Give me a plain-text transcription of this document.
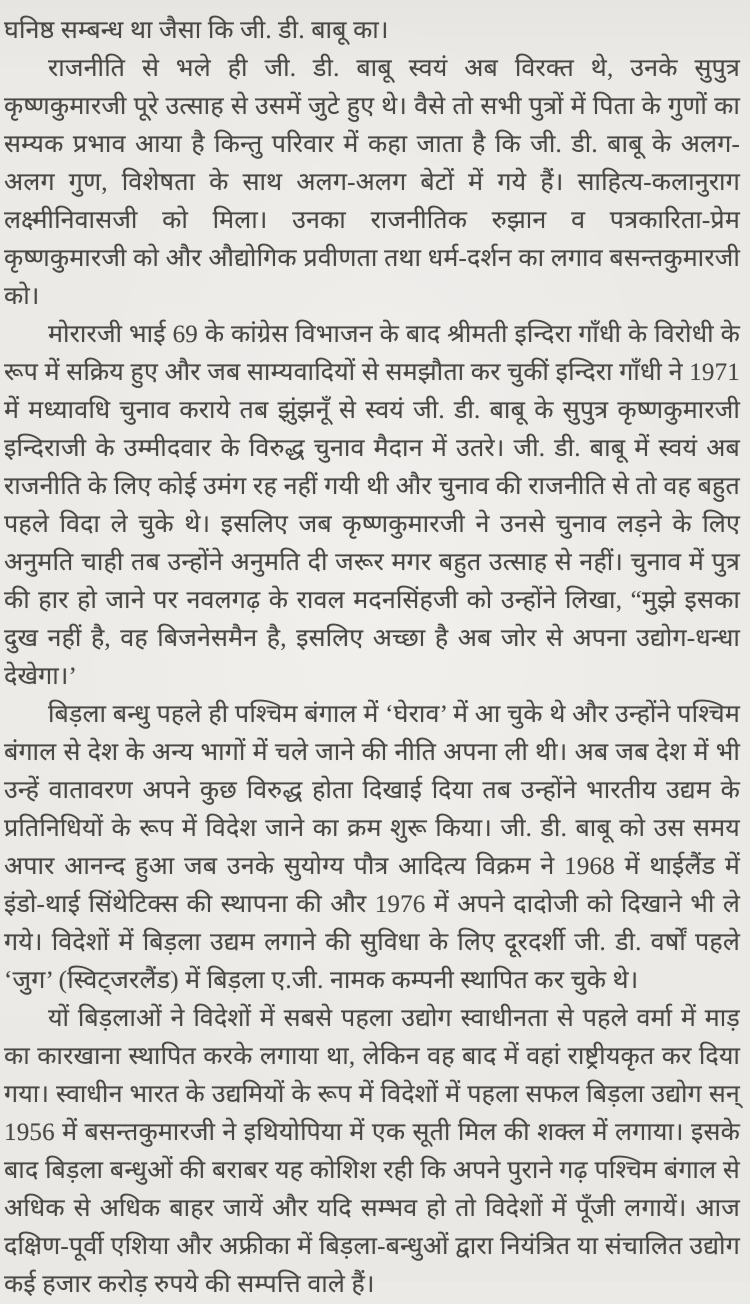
घनिष्ठ सम्बन्ध था जैसा कि जी. डी. बाबू का।

राजनीति से भले ही जी. डी. बाबू स्वयं अब विरक्त थे, उनके सुपुत्र कृष्णकुमारजी पूरे उत्साह से उसमें जुटे हुए थे। वैसे तो सभी पुत्रों में पिता के गुणों का सम्यक प्रभाव आया है किन्तु परिवार में कहा जाता है कि जी. डी. बाबू के अलग-अलग गुण, विशेषता के साथ अलग-अलग बेटों में गये हैं। साहित्य-कलानुराग लक्ष्मीनिवासजी को मिला। उनका राजनीतिक रुझान व पत्रकारिता-प्रेम कृष्णकुमारजी को और औद्योगिक प्रवीणता तथा धर्म-दर्शन का लगाव बसन्तकुमारजी को।

मोरारजी भाई 69 के कांग्रेस विभाजन के बाद श्रीमती इन्दिरा गाँधी के विरोधी के रूप में सक्रिय हुए और जब साम्यवादियों से समझौता कर चुकीं इन्दिरा गाँधी ने 1971 में मध्यावधि चुनाव कराये तब झुंझनूँ से स्वयं जी. डी. बाबू के सुपुत्र कृष्णकुमारजी इन्दिराजी के उम्मीदवार के विरुद्ध चुनाव मैदान में उतरे। जी. डी. बाबू में स्वयं अब राजनीति के लिए कोई उमंग रह नहीं गयी थी और चुनाव की राजनीति से तो वह बहुत पहले विदा ले चुके थे। इसलिए जब कृष्णकुमारजी ने उनसे चुनाव लड़ने के लिए अनुमति चाही तब उन्होंने अनुमति दी जरूर मगर बहुत उत्साह से नहीं। चुनाव में पुत्र की हार हो जाने पर नवलगढ़ के रावल मदनसिंहजी को उन्होंने लिखा, “मुझे इसका दुख नहीं है, वह बिजनेसमैन है, इसलिए अच्छा है अब जोर से अपना उद्योग-धन्धा देखेगा।’

बिड़ला बन्धु पहले ही पश्चिम बंगाल में ‘घेराव’ में आ चुके थे और उन्होंने पश्चिम बंगाल से देश के अन्य भागों में चले जाने की नीति अपना ली थी। अब जब देश में भी उन्हें वातावरण अपने कुछ विरुद्ध होता दिखाई दिया तब उन्होंने भारतीय उद्यम के प्रतिनिधियों के रूप में विदेश जाने का क्रम शुरू किया। जी. डी. बाबू को उस समय अपार आनन्द हुआ जब उनके सुयोग्य पौत्र आदित्य विक्रम ने 1968 में थाईलैंड में इंडो-थाई सिंथेटिक्स की स्थापना की और 1976 में अपने दादोजी को दिखाने भी ले गये। विदेशों में बिड़ला उद्यम लगाने की सुविधा के लिए दूरदर्शी जी. डी. वर्षों पहले ‘जुग’ (स्विट्जरलैंड) में बिड़ला ए.जी. नामक कम्पनी स्थापित कर चुके थे।

यों बिड़लाओं ने विदेशों में सबसे पहला उद्योग स्वाधीनता से पहले वर्मा में माड़ का कारखाना स्थापित करके लगाया था, लेकिन वह बाद में वहां राष्ट्रीयकृत कर दिया गया। स्वाधीन भारत के उद्यमियों के रूप में विदेशों में पहला सफल बिड़ला उद्योग सन् 1956 में बसन्तकुमारजी ने इथियोपिया में एक सूती मिल की शक्ल में लगाया। इसके बाद बिड़ला बन्धुओं की बराबर यह कोशिश रही कि अपने पुराने गढ़ पश्चिम बंगाल से अधिक से अधिक बाहर जायें और यदि सम्भव हो तो विदेशों में पूँजी लगायें। आज दक्षिण-पूर्वी एशिया और अफ्रीका में बिड़ला-बन्धुओं द्वारा नियंत्रित या संचालित उद्योग कई हजार करोड़ रुपये की सम्पत्ति वाले हैं।
